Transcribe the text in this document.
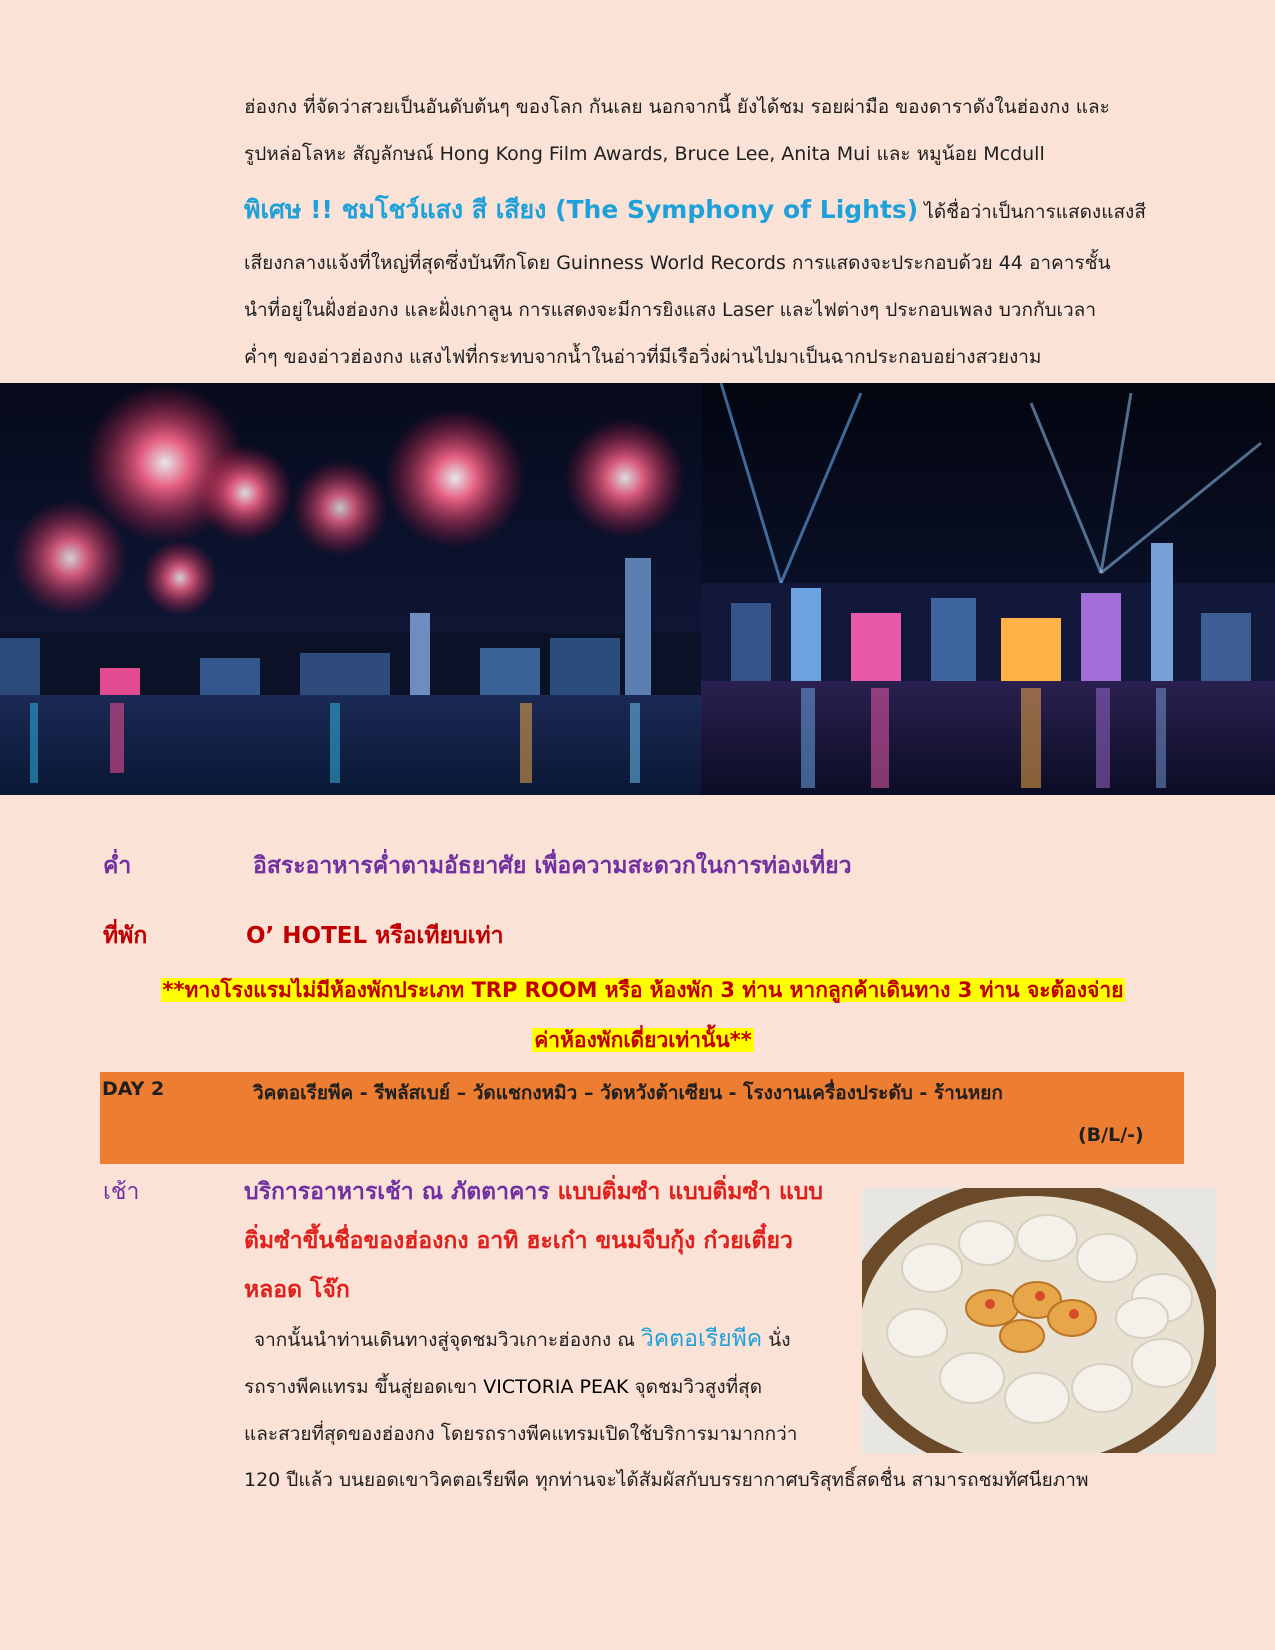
ฮ่องกง ที่จัดว่าสวยเป็นอันดับต้นๆ ของโลก กันเลย นอกจากนี้ ยังได้ชม รอยผ่ามือ ของดาราดังในฮ่องกง และ
รูปหล่อโลหะ สัญลักษณ์ Hong Kong Film Awards, Bruce Lee, Anita Mui และ หมูน้อย Mcdull
พิเศษ !! ชมโชว์แสง สี เสียง (The Symphony of Lights) ได้ชื่อว่าเป็นการแสดงแสงสี
เสียงกลางแจ้งที่ใหญ่ที่สุดซึ่งบันทึกโดย Guinness World Records การแสดงจะประกอบด้วย 44 อาคารชั้น
นำที่อยู่ในฝั่งฮ่องกง และฝั่งเกาลูน การแสดงจะมีการยิงแสง Laser และไฟต่างๆ ประกอบเพลง บวกกับเวลา
ค่ำๆ ของอ่าวฮ่องกง แสงไฟที่กระทบจากน้ำในอ่าวที่มีเรือวิ่งผ่านไปมาเป็นฉากประกอบอย่างสวยงาม
ค่ำ	อิสระอาหารค่ำตามอัธยาศัย เพื่อความสะดวกในการท่องเที่ยว
ที่พัก	O’ HOTEL หรือเทียบเท่า
**ทางโรงแรมไม่มีห้องพักประเภท TRP ROOM หรือ ห้องพัก 3 ท่าน หากลูกค้าเดินทาง 3 ท่าน จะต้องจ่าย
ค่าห้องพักเดี่ยวเท่านั้น**
DAY 2	วิคตอเรียพีค - รีพลัสเบย์ – วัดแชกงหมิว – วัดหวังต้าเซียน - โรงงานเครื่องประดับ - ร้านหยก
(B/L/-)
เช้า	บริการอาหารเช้า ณ ภัตตาคาร แบบติ่มซำ แบบติ่มซำ แบบ
ติ่มซำขึ้นชื่อของฮ่องกง อาทิ ฮะเก๋า ขนมจีบกุ้ง ก๋วยเตี๋ยว
หลอด โจ๊ก
จากนั้นนำท่านเดินทางสู่จุดชมวิวเกาะฮ่องกง ณ วิคตอเรียพีค นั่ง
รถรางพีคแทรม ขึ้นสู่ยอดเขา VICTORIA PEAK จุดชมวิวสูงที่สุด
และสวยที่สุดของฮ่องกง โดยรถรางพีคแทรมเปิดใช้บริการมามากกว่า
120 ปีแล้ว บนยอดเขาวิคตอเรียพีค ทุกท่านจะได้สัมผัสกับบรรยากาศบริสุทธิ์สดชื่น สามารถชมทัศนียภาพ
